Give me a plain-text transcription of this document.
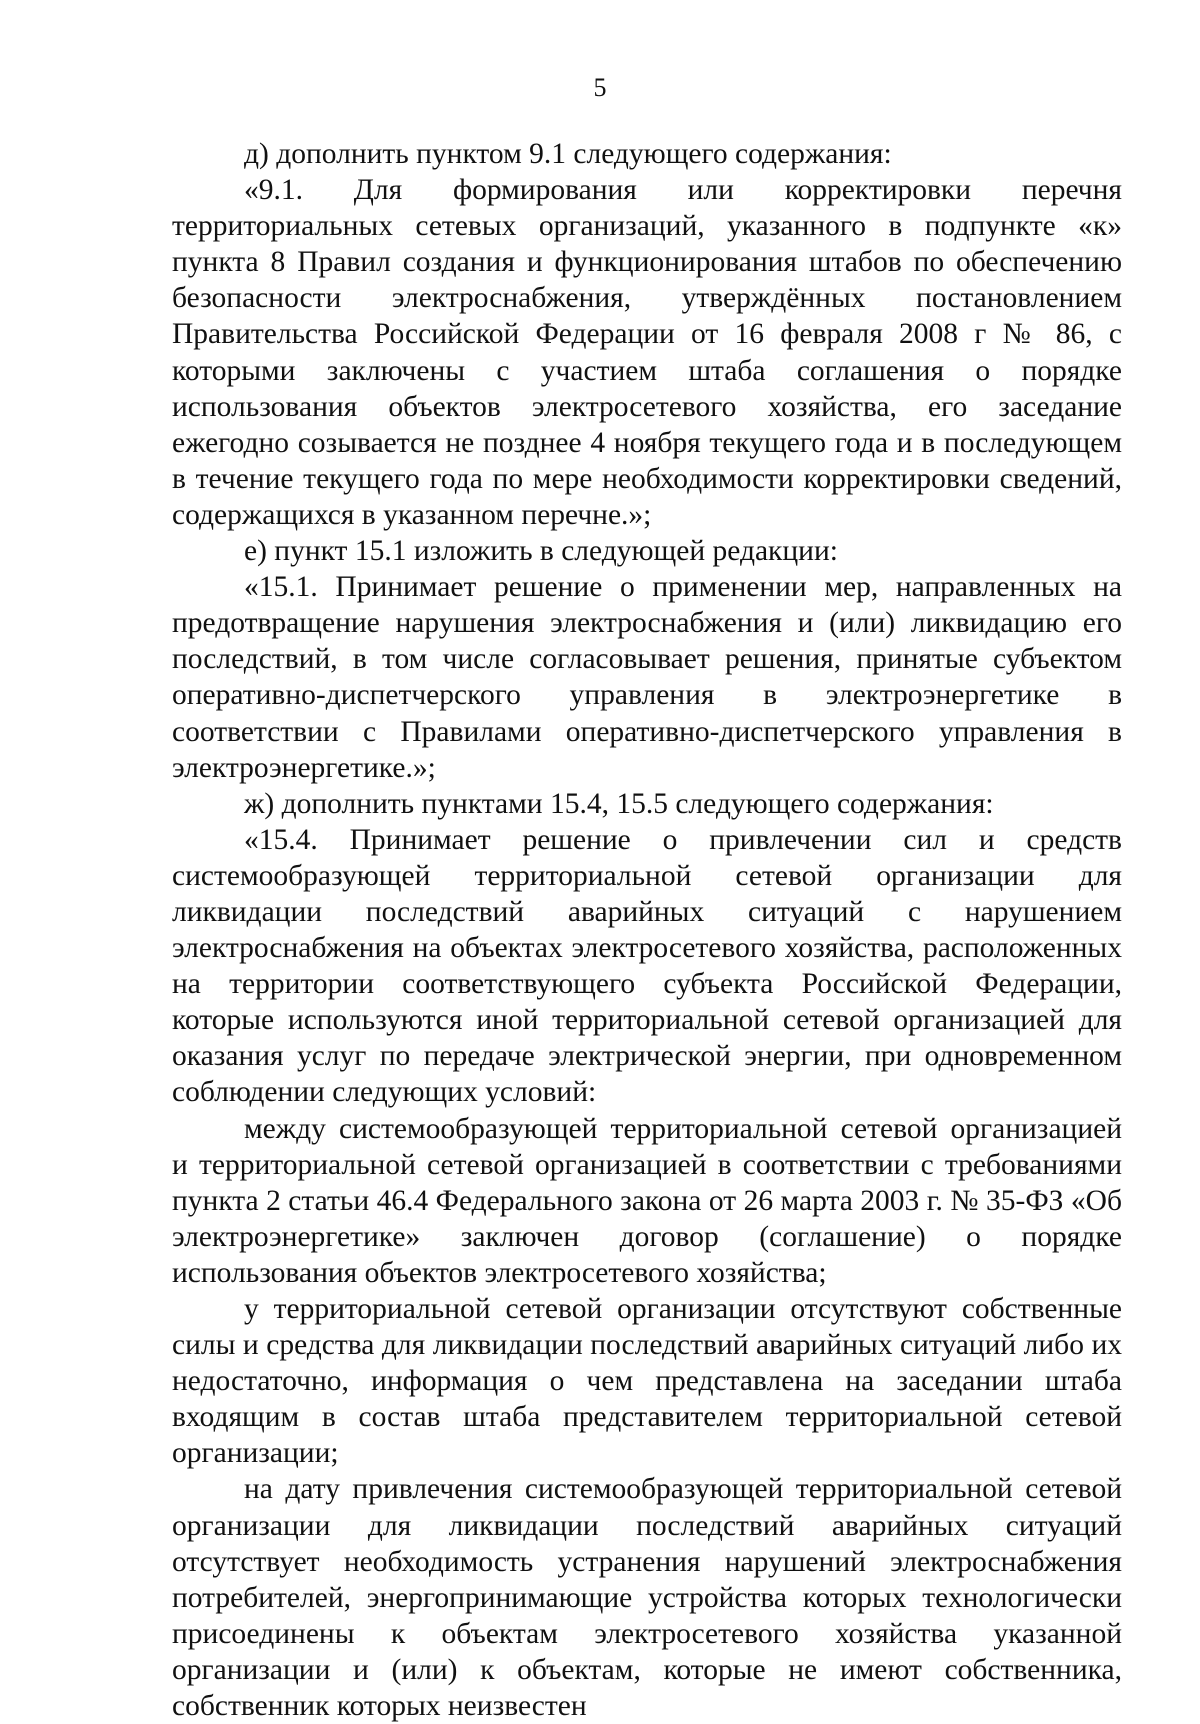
5

д) дополнить пунктом 9.1 следующего содержания:

«9.1. Для формирования или корректировки перечня территориальных сетевых организаций, указанного в подпункте «к» пункта 8 Правил создания и функционирования штабов по обеспечению безопасности электроснабжения, утверждённых постановлением Правительства Российской Федерации от 16 февраля 2008 г № 86, с которыми заключены с участием штаба соглашения о порядке использования объектов электросетевого хозяйства, его заседание ежегодно созывается не позднее 4 ноября текущего года и в последующем в течение текущего года по мере необходимости корректировки сведений, содержащихся в указанном перечне.»;

е) пункт 15.1 изложить в следующей редакции:

«15.1. Принимает решение о применении мер, направленных на предотвращение нарушения электроснабжения и (или) ликвидацию его последствий, в том числе согласовывает решения, принятые субъектом оперативно-диспетчерского управления в электроэнергетике в соответствии с Правилами оперативно-диспетчерского управления в электроэнергетике.»;

ж) дополнить пунктами 15.4, 15.5 следующего содержания:

«15.4. Принимает решение о привлечении сил и средств системообразующей территориальной сетевой организации для ликвидации последствий аварийных ситуаций с нарушением электроснабжения на объектах электросетевого хозяйства, расположенных на территории соответствующего субъекта Российской Федерации, которые используются иной территориальной сетевой организацией для оказания услуг по передаче электрической энергии, при одновременном соблюдении следующих условий:

между системообразующей территориальной сетевой организацией и территориальной сетевой организацией в соответствии с требованиями пункта 2 статьи 46.4 Федерального закона от 26 марта 2003 г. № 35-ФЗ «Об электроэнергетике» заключен договор (соглашение) о порядке использования объектов электросетевого хозяйства;

у территориальной сетевой организации отсутствуют собственные силы и средства для ликвидации последствий аварийных ситуаций либо их недостаточно, информация о чем представлена на заседании штаба входящим в состав штаба представителем территориальной сетевой организации;

на дату привлечения системообразующей территориальной сетевой организации для ликвидации последствий аварийных ситуаций отсутствует необходимость устранения нарушений электроснабжения потребителей, энергопринимающие устройства которых технологически присоединены к объектам электросетевого хозяйства указанной организации и (или) к объектам, которые не имеют собственника, собственник которых неизвестен
